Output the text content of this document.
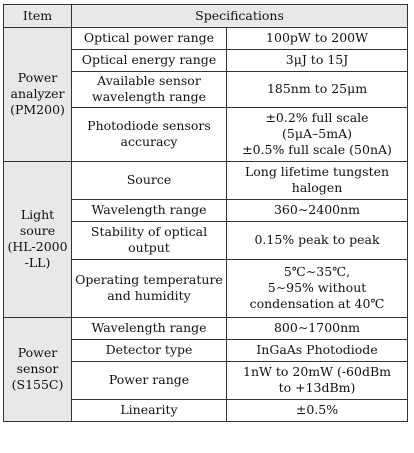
Item	Specifications	

Power
analyzer
(PM200)	Optical power range	100pW to 200W

	Optical energy range	3μJ to 15J

	Available sensor
wavelength range	185nm to 25μm

	Photodiode sensors
accuracy	±0.2% full scale
(5μA–5mA)
±0.5% full scale (50nA)

Light
soure
(HL-2000
-LL)	Source	Long lifetime tungsten
halogen

	Wavelength range	360∼2400nm

	Stability of optical
output	0.15% peak to peak

	Operating temperature
and humidity	5℃∼35℃,
5∼95% without
condensation at 40℃

Power
sensor
(S155C)	Wavelength range	800∼1700nm

	Detector type	InGaAs Photodiode

	Power range	1nW to 20mW (-60dBm
to +13dBm)

	Linearity	±0.5%
